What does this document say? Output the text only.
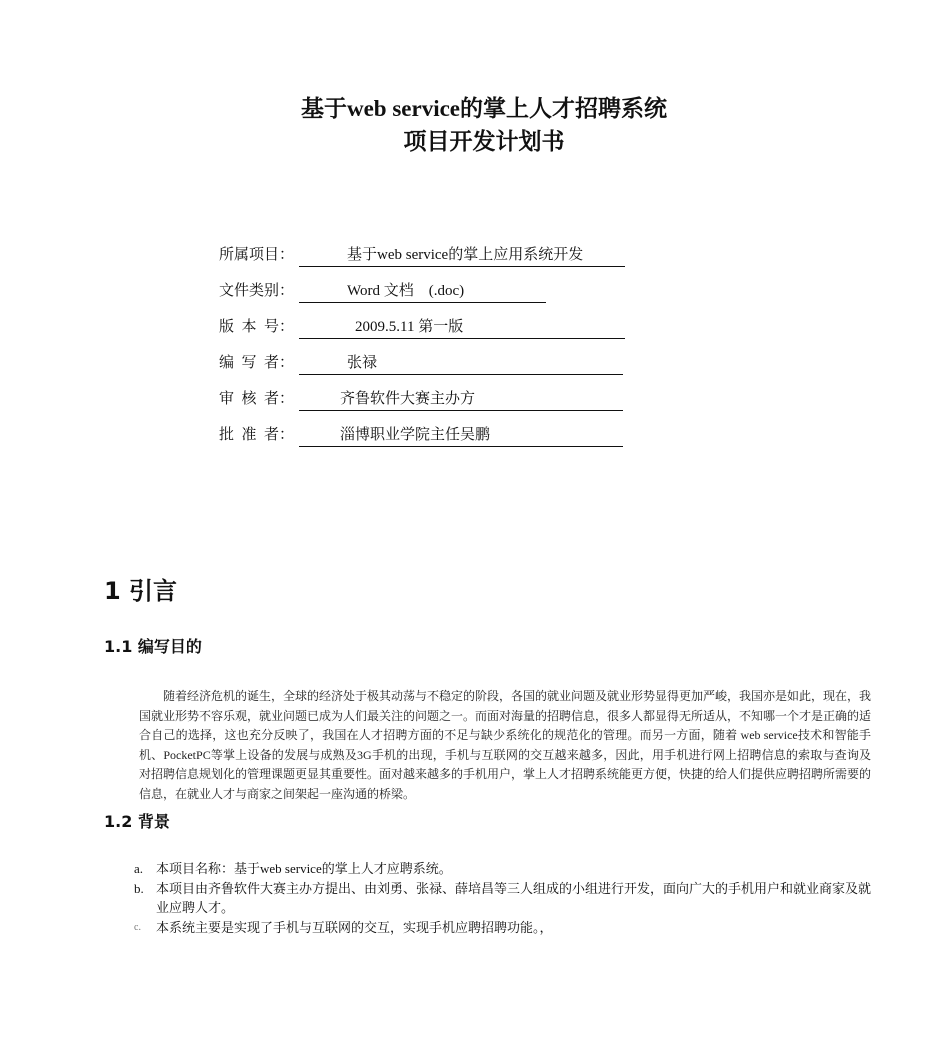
基于web service的掌上人才招聘系统
项目开发计划书
所属项目：	基于web service的掌上应用系统开发
文件类别：	Word 文档    (.doc)
版  本  号：	2009.5.11 第一版
编  写  者：	张禄
审  核  者：	齐鲁软件大赛主办方
批  准  者：	淄博职业学院主任吴鹏
1 引言
1.1 编写目的
随着经济危机的诞生，全球的经济处于极其动荡与不稳定的阶段，各国的就业问题及就业形势显得更加严峻，我国亦是如此，现在，我国就业形势不容乐观，就业问题已成为人们最关注的问题之一。而面对海量的招聘信息，很多人都显得无所适从，不知哪一个才是正确的适合自己的选择，这也充分反映了，我国在人才招聘方面的不足与缺少系统化的规范化的管理。而另一方面，随着 web service技术和智能手机、PocketPC等掌上设备的发展与成熟及3G手机的出现，手机与互联网的交互越来越多，因此，用手机进行网上招聘信息的索取与查询及对招聘信息规划化的管理课题更显其重要性。面对越来越多的手机用户，掌上人才招聘系统能更方便，快捷的给人们提供应聘招聘所需要的信息，在就业人才与商家之间架起一座沟通的桥梁。
1.2 背景
a. 本项目名称：基于web service的掌上人才应聘系统。
b. 本项目由齐鲁软件大赛主办方提出、由刘勇、张禄、薛培昌等三人组成的小组进行开发，面向广大的手机用户和就业商家及就业应聘人才。
c.	本系统主要是实现了手机与互联网的交互，实现手机应聘招聘功能。，
